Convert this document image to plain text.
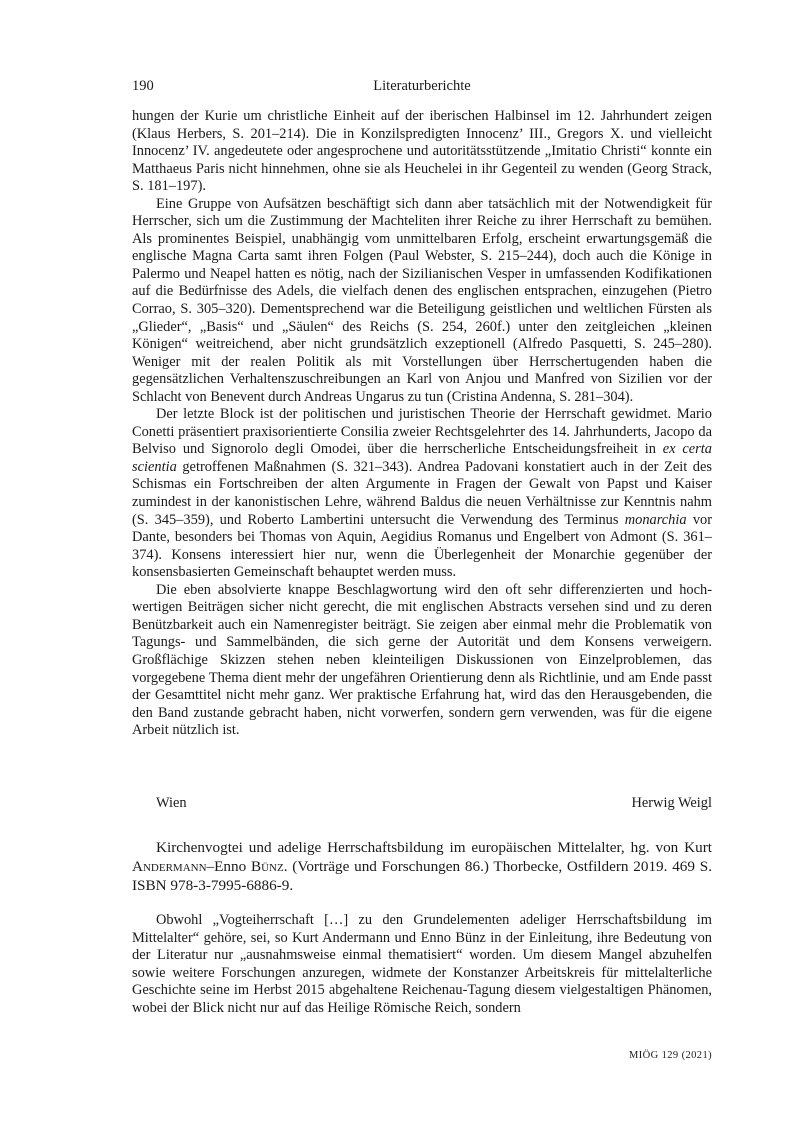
190	Literaturberichte

hungen der Kurie um christliche Einheit auf der iberischen Halbinsel im 12. Jahrhundert zeigen (Klaus Herbers, S. 201–214). Die in Konzilspredigten Innocenz’ III., Gregors X. und vielleicht Innocenz’ IV. angedeutete oder angesprochene und autoritätsstützende „Imitatio Christi“ konnte ein Matthaeus Paris nicht hinnehmen, ohne sie als Heuchelei in ihr Gegenteil zu wenden (Georg Strack, S. 181–197).

Eine Gruppe von Aufsätzen beschäftigt sich dann aber tatsächlich mit der Notwendigkeit für Herrscher, sich um die Zustimmung der Machteliten ihrer Reiche zu ihrer Herrschaft zu bemühen. Als prominentes Beispiel, unabhängig vom unmittelbaren Erfolg, erscheint erwartungsgemäß die englische Magna Carta samt ihren Folgen (Paul Webster, S. 215–244), doch auch die Könige in Palermo und Neapel hatten es nötig, nach der Sizilianischen Vesper in umfassenden Kodifikationen auf die Bedürfnisse des Adels, die vielfach denen des englischen entsprachen, einzugehen (Pietro Corrao, S. 305–320). Dementsprechend war die Beteiligung geistlichen und weltlichen Fürsten als „Glieder“, „Basis“ und „Säulen“ des Reichs (S. 254, 260f.) unter den zeitgleichen „kleinen Königen“ weitreichend, aber nicht grundsätzlich exzeptionell (Alfredo Pasquetti, S. 245–280). Weniger mit der realen Politik als mit Vorstellungen über Herrschertugenden haben die gegensätzlichen Verhaltenszuschreibungen an Karl von Anjou und Manfred von Sizilien vor der Schlacht von Benevent durch Andreas Ungarus zu tun (Cristina Andenna, S. 281–304).

Der letzte Block ist der politischen und juristischen Theorie der Herrschaft gewidmet. Mario Conetti präsentiert praxisorientierte Consilia zweier Rechtsgelehrter des 14. Jahrhunderts, Jacopo da Belviso und Signorolo degli Omodei, über die herrscherliche Entscheidungsfreiheit in ex certa scientia getroffenen Maßnahmen (S. 321–343). Andrea Padovani konstatiert auch in der Zeit des Schismas ein Fortschreiben der alten Argumente in Fragen der Gewalt von Papst und Kaiser zumindest in der kanonistischen Lehre, während Baldus die neuen Verhältnisse zur Kenntnis nahm (S. 345–359), und Roberto Lambertini untersucht die Verwendung des Terminus monarchia vor Dante, besonders bei Thomas von Aquin, Aegidius Romanus und Engelbert von Admont (S. 361–374). Konsens interessiert hier nur, wenn die Überlegenheit der Monarchie gegenüber der konsensbasierten Gemeinschaft behauptet werden muss.

Die eben absolvierte knappe Beschlagwortung wird den oft sehr differenzierten und hochwertigen Beiträgen sicher nicht gerecht, die mit englischen Abstracts versehen sind und zu deren Benützbarkeit auch ein Namenregister beiträgt. Sie zeigen aber einmal mehr die Problematik von Tagungs- und Sammelbänden, die sich gerne der Autorität und dem Konsens verweigern. Großflächige Skizzen stehen neben kleinteiligen Diskussionen von Einzelproblemen, das vorgegebene Thema dient mehr der ungefähren Orientierung denn als Richtlinie, und am Ende passt der Gesamttitel nicht mehr ganz. Wer praktische Erfahrung hat, wird das den Herausgebenden, die den Band zustande gebracht haben, nicht vorwerfen, sondern gern verwenden, was für die eigene Arbeit nützlich ist.

Wien	Herwig Weigl

Kirchenvogtei und adelige Herrschaftsbildung im europäischen Mittelalter, hg. von Kurt Andermann–Enno Bünz. (Vorträge und Forschungen 86.) Thorbecke, Ostfildern 2019. 469 S. ISBN 978-3-7995-6886-9.

Obwohl „Vogteiherrschaft […] zu den Grundelementen adeliger Herrschaftsbildung im Mittelalter“ gehöre, sei, so Kurt Andermann und Enno Bünz in der Einleitung, ihre Bedeutung von der Literatur nur „ausnahmsweise einmal thematisiert“ worden. Um diesem Mangel abzuhelfen sowie weitere Forschungen anzuregen, widmete der Konstanzer Arbeitskreis für mittelalterliche Geschichte seine im Herbst 2015 abgehaltene Reichenau-Tagung diesem vielgestaltigen Phänomen, wobei der Blick nicht nur auf das Heilige Römische Reich, sondern

MIÖG 129 (2021)
